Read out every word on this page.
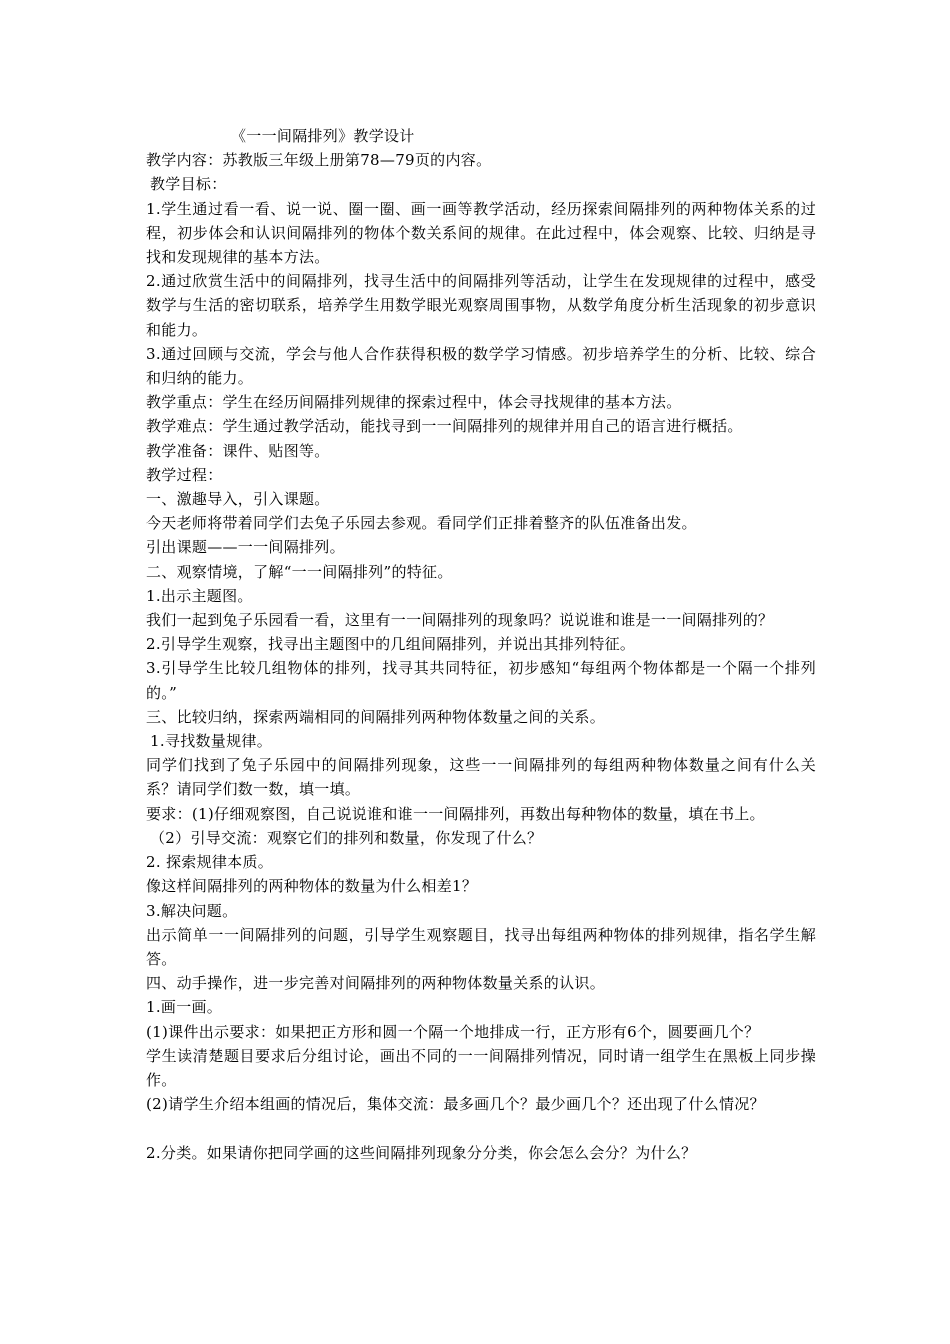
《一一间隔排列》教学设计

教学内容：苏教版三年级上册第78—79页的内容。

教学目标：

1.学生通过看一看、说一说、圈一圈、画一画等教学活动，经历探索间隔排列的两种物体关系的过程，初步体会和认识间隔排列的物体个数关系间的规律。在此过程中，体会观察、比较、归纳是寻找和发现规律的基本方法。

2.通过欣赏生活中的间隔排列，找寻生活中的间隔排列等活动，让学生在发现规律的过程中，感受数学与生活的密切联系，培养学生用数学眼光观察周围事物，从数学角度分析生活现象的初步意识和能力。

3.通过回顾与交流，学会与他人合作获得积极的数学学习情感。初步培养学生的分析、比较、综合和归纳的能力。

教学重点：学生在经历间隔排列规律的探索过程中，体会寻找规律的基本方法。

教学难点：学生通过教学活动，能找寻到一一间隔排列的规律并用自己的语言进行概括。

教学准备：课件、贴图等。

教学过程：

一、激趣导入，引入课题。

今天老师将带着同学们去兔子乐园去参观。看同学们正排着整齐的队伍准备出发。

引出课题——一一间隔排列。

二、观察情境，了解“一一间隔排列”的特征。

1.出示主题图。

我们一起到兔子乐园看一看，这里有一一间隔排列的现象吗？说说谁和谁是一一间隔排列的？

2.引导学生观察，找寻出主题图中的几组间隔排列，并说出其排列特征。

3.引导学生比较几组物体的排列，找寻其共同特征，初步感知“每组两个物体都是一个隔一个排列的。”

三、比较归纳，探索两端相同的间隔排列两种物体数量之间的关系。

1.寻找数量规律。

同学们找到了兔子乐园中的间隔排列现象，这些一一间隔排列的每组两种物体数量之间有什么关系？请同学们数一数，填一填。

要求：(1)仔细观察图，自己说说谁和谁一一间隔排列，再数出每种物体的数量，填在书上。

（2）引导交流：观察它们的排列和数量，你发现了什么？

2. 探索规律本质。

像这样间隔排列的两种物体的数量为什么相差1？

3.解决问题。

出示简单一一间隔排列的问题，引导学生观察题目，找寻出每组两种物体的排列规律，指名学生解答。

四、动手操作，进一步完善对间隔排列的两种物体数量关系的认识。

1.画一画。

(1)课件出示要求：如果把正方形和圆一个隔一个地排成一行，正方形有6个，圆要画几个？

学生读清楚题目要求后分组讨论，画出不同的一一间隔排列情况，同时请一组学生在黑板上同步操作。

(2)请学生介绍本组画的情况后，集体交流：最多画几个？最少画几个？还出现了什么情况？

2.分类。如果请你把同学画的这些间隔排列现象分分类，你会怎么会分？为什么？
